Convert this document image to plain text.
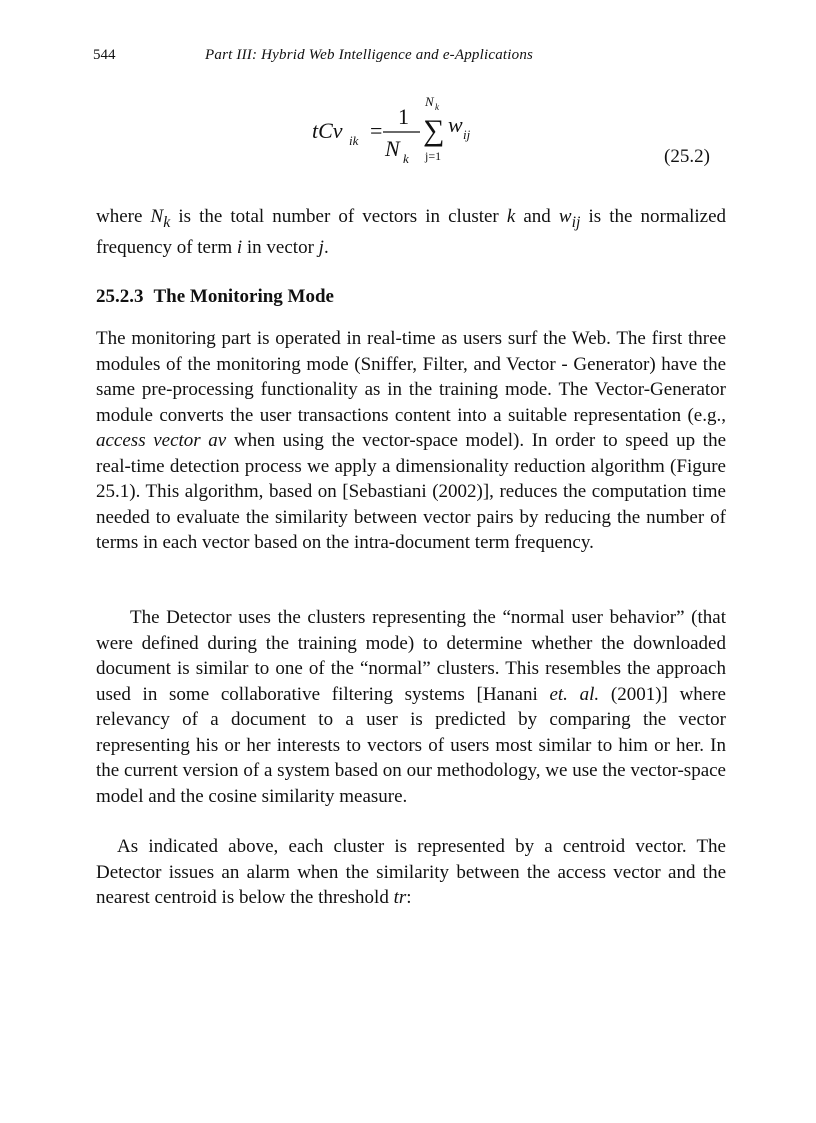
544	Part III: Hybrid Web Intelligence and e-Applications
tCv ik =
1
N k
N k
∑
j=1
w ij
(25.2)

where $N_k$ is the total number of vectors in cluster k and $w_{ij}$ is the normalized frequency of term i in vector j.

25.2.3 The Monitoring Mode

The monitoring part is operated in real-time as users surf the Web. The first three modules of the monitoring mode (Sniffer, Filter, and Vector - Generator) have the same pre-processing functionality as in the training mode. The Vector-Generator module converts the user transactions content into a suitable representation (e.g., access vector av when using the vector-space model). In order to speed up the real-time detection process we apply a dimensionality reduction algorithm (Figure 25.1). This algorithm, based on [Sebastiani (2002)], reduces the computation time needed to evaluate the similarity between vector pairs by reducing the number of terms in each vector based on the intra-document term frequency.

The Detector uses the clusters representing the “normal user behavior” (that were defined during the training mode) to determine whether the downloaded document is similar to one of the “normal” clusters. This resembles the approach used in some collaborative filtering systems [Hanani et. al. (2001)] where relevancy of a document to a user is predicted by comparing the vector representing his or her interests to vectors of users most similar to him or her. In the current version of a system based on our methodology, we use the vector-space model and the cosine similarity measure.

As indicated above, each cluster is represented by a centroid vector. The Detector issues an alarm when the similarity between the access vector and the nearest centroid is below the threshold tr:
